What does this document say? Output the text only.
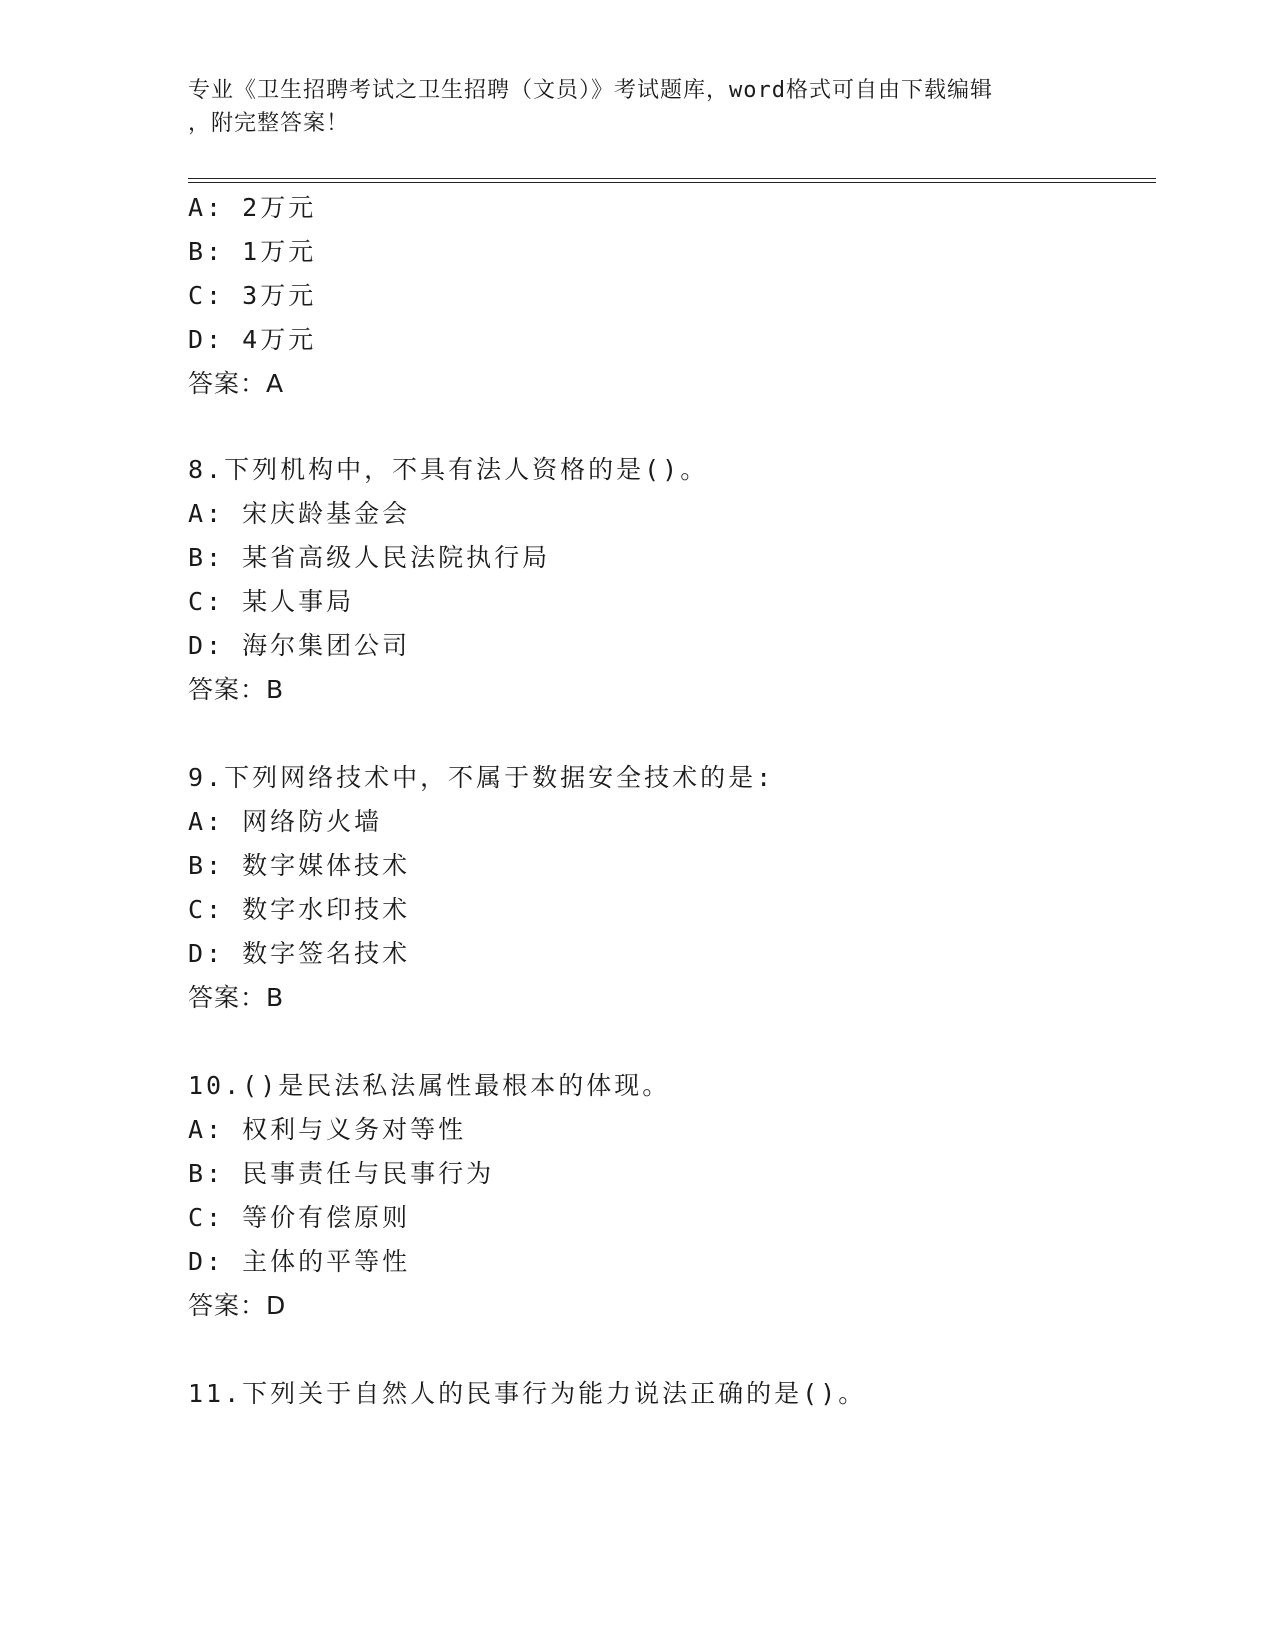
专业《卫生招聘考试之卫生招聘（文员）》考试题库，word格式可自由下载编辑
，附完整答案！
A: 2万元
B: 1万元
C: 3万元
D: 4万元
答案：A
8.下列机构中，不具有法人资格的是()。
A: 宋庆龄基金会
B: 某省高级人民法院执行局
C: 某人事局
D: 海尔集团公司
答案：B
9.下列网络技术中，不属于数据安全技术的是:
A: 网络防火墙
B: 数字媒体技术
C: 数字水印技术
D: 数字签名技术
答案：B
10.()是民法私法属性最根本的体现。
A: 权利与义务对等性
B: 民事责任与民事行为
C: 等价有偿原则
D: 主体的平等性
答案：D
11.下列关于自然人的民事行为能力说法正确的是()。
